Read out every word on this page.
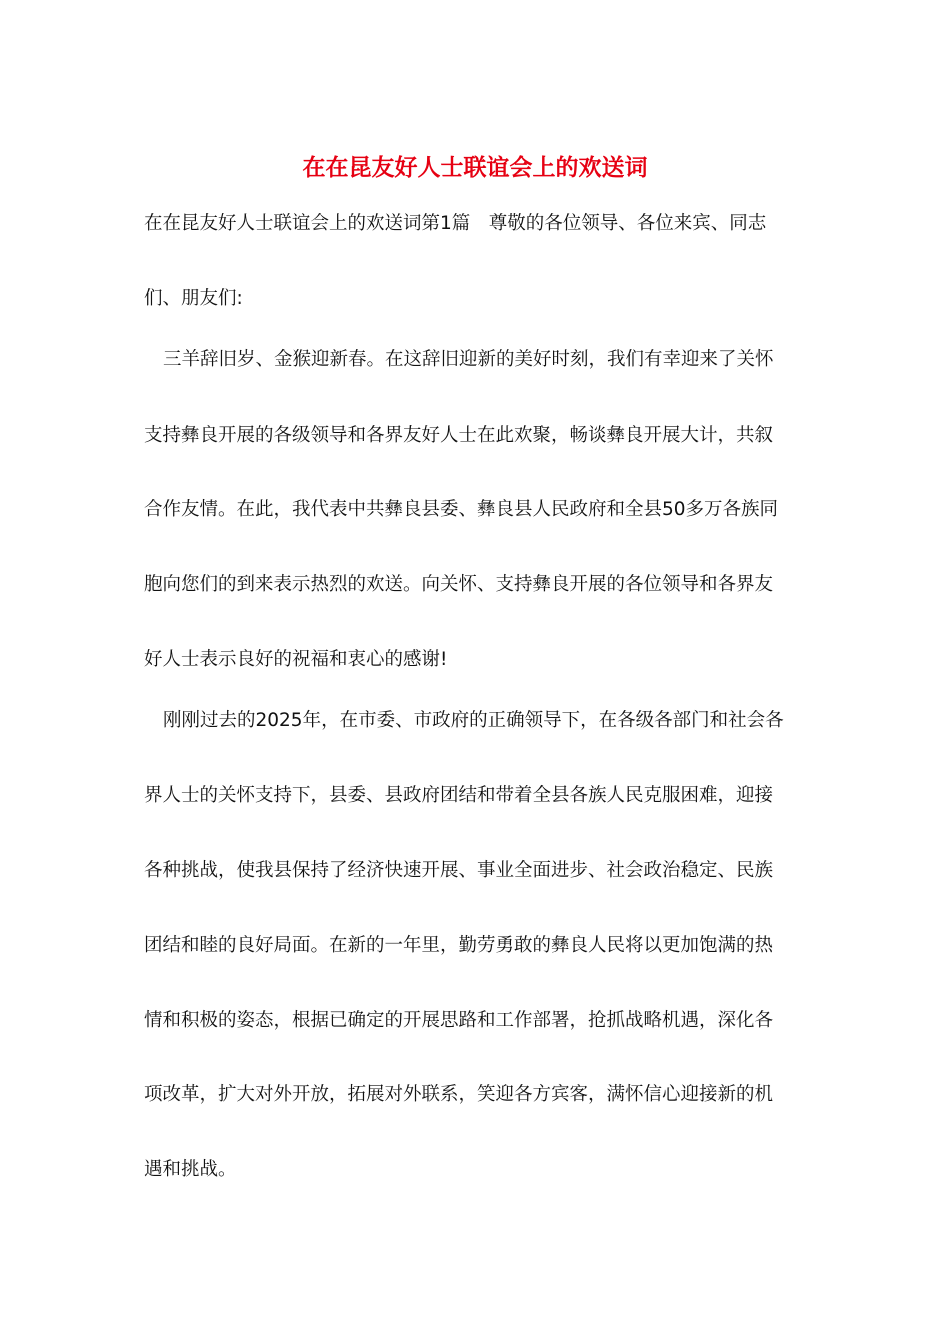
在在昆友好人士联谊会上的欢送词
在在昆友好人士联谊会上的欢送词第1篇　尊敬的各位领导、各位来宾、同志
们、朋友们:
三羊辞旧岁、金猴迎新春。在这辞旧迎新的美好时刻，我们有幸迎来了关怀
支持彝良开展的各级领导和各界友好人士在此欢聚，畅谈彝良开展大计，共叙
合作友情。在此，我代表中共彝良县委、彝良县人民政府和全县50多万各族同
胞向您们的到来表示热烈的欢送。向关怀、支持彝良开展的各位领导和各界友
好人士表示良好的祝福和衷心的感谢!
刚刚过去的2025年，在市委、市政府的正确领导下，在各级各部门和社会各
界人士的关怀支持下，县委、县政府团结和带着全县各族人民克服困难，迎接
各种挑战，使我县保持了经济快速开展、事业全面进步、社会政治稳定、民族
团结和睦的良好局面。在新的一年里，勤劳勇敢的彝良人民将以更加饱满的热
情和积极的姿态，根据已确定的开展思路和工作部署，抢抓战略机遇，深化各
项改革，扩大对外开放，拓展对外联系，笑迎各方宾客，满怀信心迎接新的机
遇和挑战。
